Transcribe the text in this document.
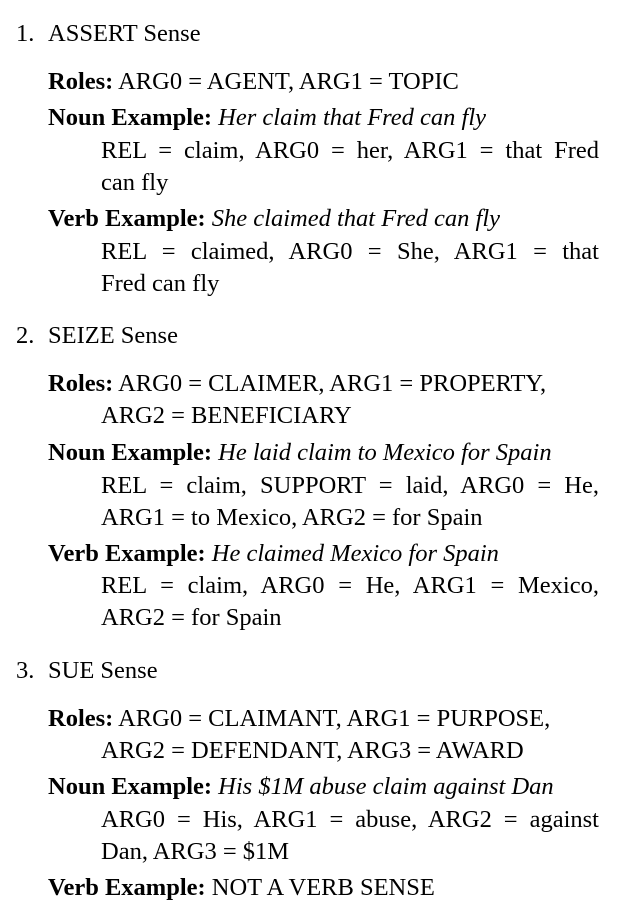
1. ASSERT Sense
Roles: ARG0 = AGENT, ARG1 = TOPIC
Noun Example: Her claim that Fred can fly
REL = claim, ARG0 = her, ARG1 = that Fred
can fly
Verb Example: She claimed that Fred can fly
REL = claimed, ARG0 = She, ARG1 = that
Fred can fly
2. SEIZE Sense
Roles: ARG0 = CLAIMER, ARG1 = PROPERTY,
ARG2 = BENEFICIARY
Noun Example: He laid claim to Mexico for Spain
REL = claim, SUPPORT = laid, ARG0 = He,
ARG1 = to Mexico, ARG2 = for Spain
Verb Example: He claimed Mexico for Spain
REL = claim, ARG0 = He, ARG1 = Mexico,
ARG2 = for Spain
3. SUE Sense
Roles: ARG0 = CLAIMANT, ARG1 = PURPOSE,
ARG2 = DEFENDANT, ARG3 = AWARD
Noun Example: His $1M abuse claim against Dan
ARG0 = His, ARG1 = abuse, ARG2 = against
Dan, ARG3 = $1M
Verb Example: NOT A VERB SENSE
